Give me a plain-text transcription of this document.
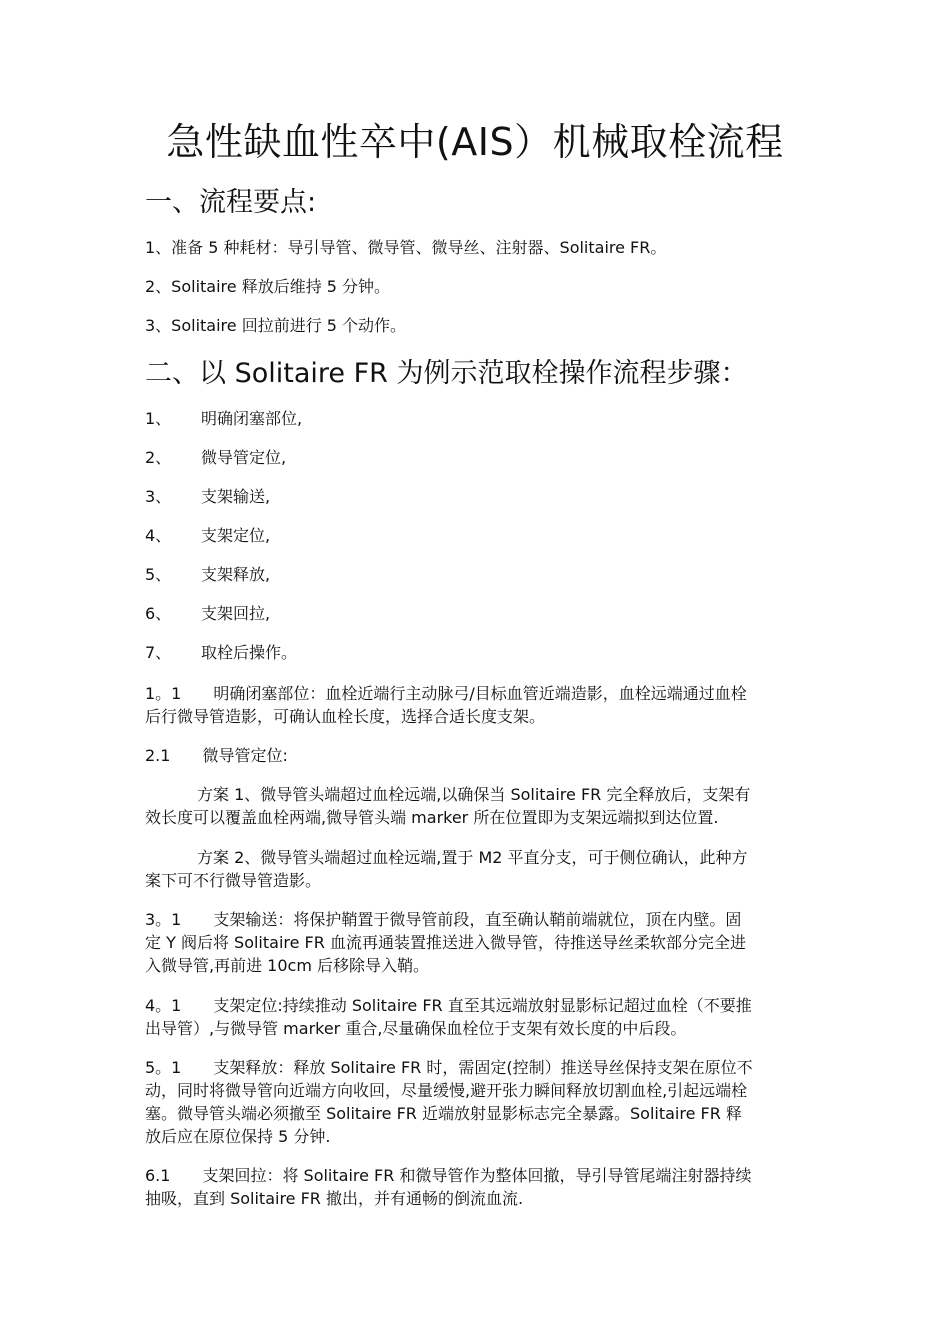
急性缺血性卒中(AIS）机械取栓流程
一、流程要点:

1、准备 5 种耗材：导引导管、微导管、微导丝、注射器、Solitaire FR。

2、Solitaire 释放后维持 5 分钟。

3、Solitaire 回拉前进行 5 个动作。

二、以 Solitaire FR 为例示范取栓操作流程步骤：

1、 明确闭塞部位,

2、 微导管定位,

3、 支架输送,

4、 支架定位,

5、 支架释放,

6、 支架回拉,

7、 取栓后操作。

1。1　　明确闭塞部位：血栓近端行主动脉弓/目标血管近端造影，血栓远端通过血栓
后行微导管造影，可确认血栓长度，选择合适长度支架。
2.1　　微导管定位:
方案 1、微导管头端超过血栓远端,以确保当 Solitaire FR 完全释放后，支架有
效长度可以覆盖血栓两端,微导管头端 marker 所在位置即为支架远端拟到达位置.
方案 2、微导管头端超过血栓远端,置于 M2 平直分支，可于侧位确认，此种方
案下可不行微导管造影。
3。1　　支架输送：将保护鞘置于微导管前段，直至确认鞘前端就位，顶在内壁。固
定 Y 阀后将 Solitaire FR 血流再通装置推送进入微导管，待推送导丝柔软部分完全进
入微导管,再前进 10cm 后移除导入鞘。
4。1　　支架定位:持续推动 Solitaire FR 直至其远端放射显影标记超过血栓（不要推
出导管）,与微导管 marker 重合,尽量确保血栓位于支架有效长度的中后段。
5。1　　支架释放：释放 Solitaire FR 时，需固定(控制）推送导丝保持支架在原位不
动，同时将微导管向近端方向收回，尽量缓慢,避开张力瞬间释放切割血栓,引起远端栓
塞。微导管头端必须撤至 Solitaire FR 近端放射显影标志完全暴露。Solitaire FR 释
放后应在原位保持 5 分钟.
6.1　　支架回拉：将 Solitaire FR 和微导管作为整体回撤，导引导管尾端注射器持续
抽吸，直到 Solitaire FR 撤出，并有通畅的倒流血流.
